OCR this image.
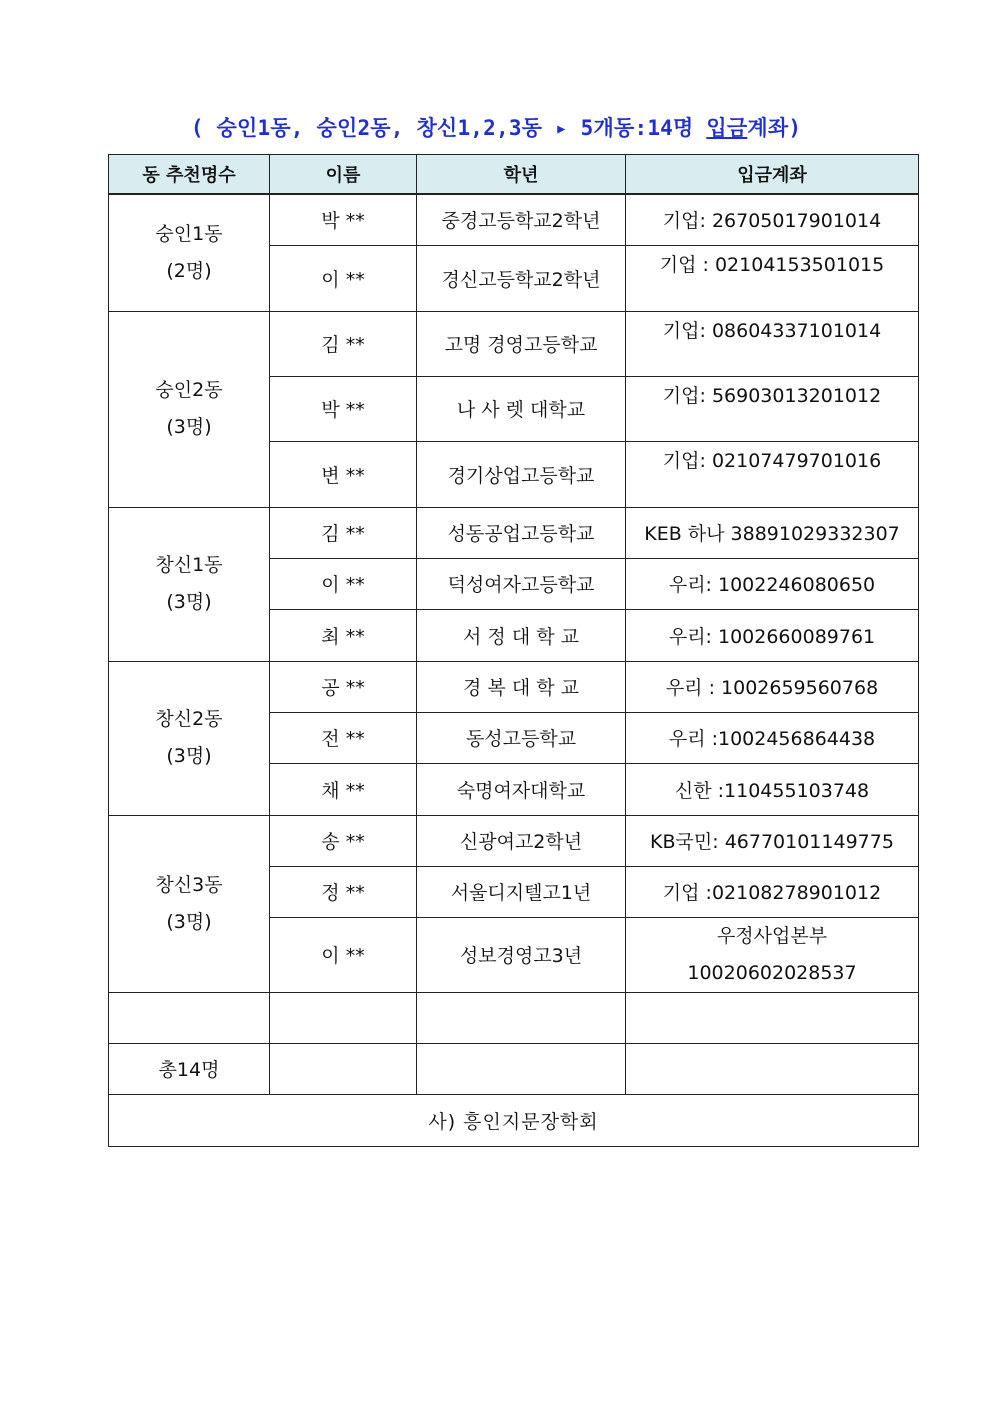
( 숭인1동, 숭인2동, 창신1,2,3동 ▸ 5개동:14명 입금계좌)
동 추천명수	이름	학년	입금계좌

숭인1동
(2명)	박 **	중경고등학교2학년	기업: 26705017901014
	이 **	경신고등학교2학년	기업 : 02104153501015

숭인2동
(3명)	김 **	고명 경영고등학교	기업: 08604337101014
	박 **	나 사 렛 대학교	기업: 56903013201012
	변 **	경기상업고등학교	기업: 02107479701016

창신1동
(3명)	김 **	성동공업고등학교	KEB 하나 38891029332307
	이 **	덕성여자고등학교	우리: 1002246080650
	최 **	서 정 대 학 교	우리: 1002660089761

창신2동
(3명)	공 **	경 복 대 학 교	우리 : 1002659560768
	전 **	동성고등학교	우리 :1002456864438
	채 **	숙명여자대학교	신한 :110455103748

창신3동
(3명)	송 **	신광여고2학년	KB국민: 46770101149775
	정 **	서울디지텔고1년	기업 :02108278901012
	이 **	성보경영고3년	우정사업본부
10020602028537

총14명			
사) 흥인지문장학회			
